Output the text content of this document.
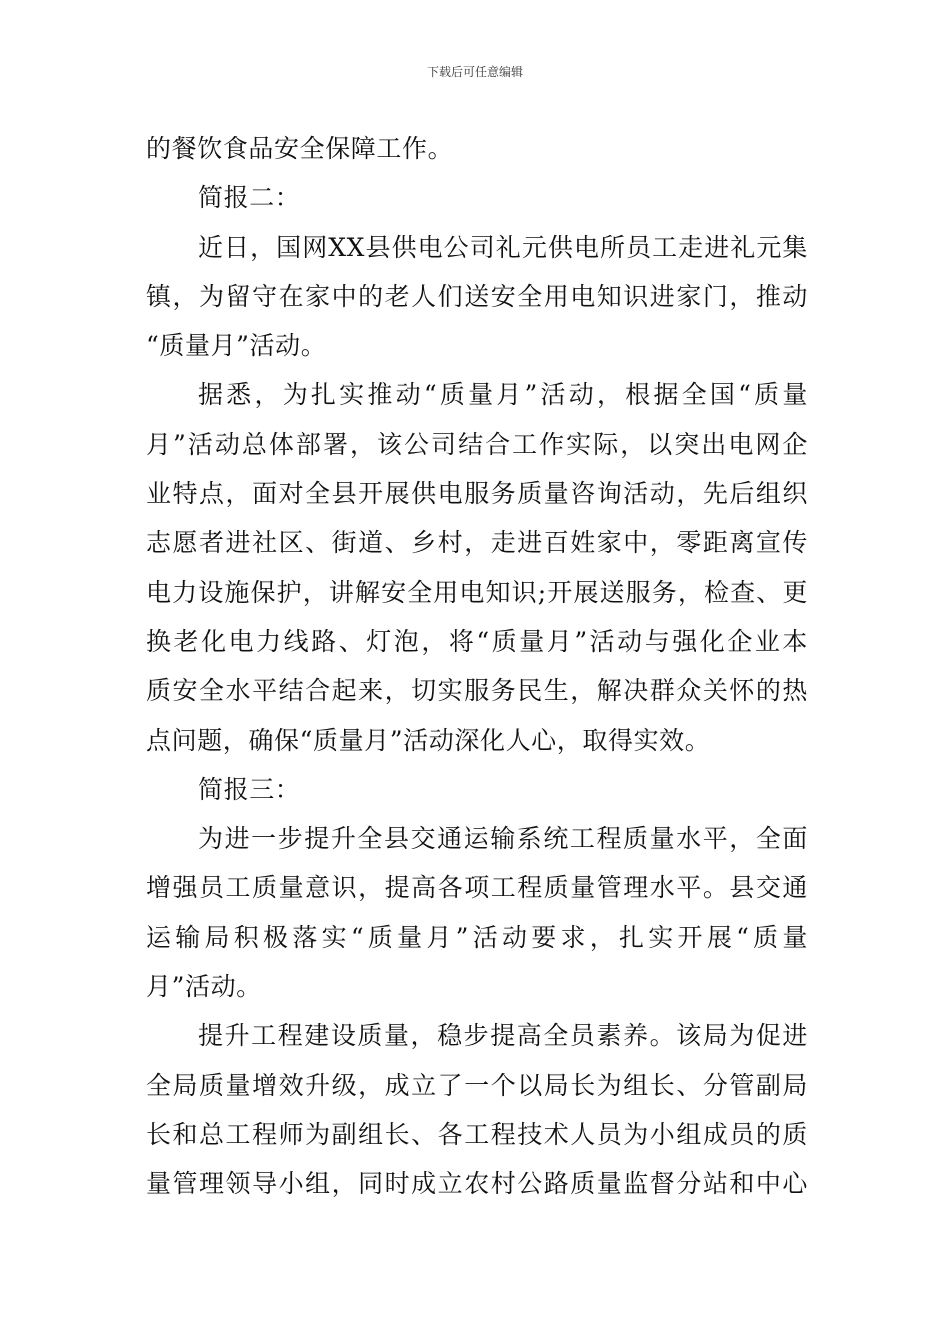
下载后可任意编辑
的餐饮食品安全保障工作。
简报二：
近日，国网XX县供电公司礼元供电所员工走进礼元集
镇，为留守在家中的老人们送安全用电知识进家门，推动
“质量月”活动。
据悉，为扎实推动“质量月”活动，根据全国“质量
月”活动总体部署，该公司结合工作实际，以突出电网企
业特点，面对全县开展供电服务质量咨询活动，先后组织
志愿者进社区、街道、乡村，走进百姓家中，零距离宣传
电力设施保护，讲解安全用电知识;开展送服务，检查、更
换老化电力线路、灯泡，将“质量月”活动与强化企业本
质安全水平结合起来，切实服务民生，解决群众关怀的热
点问题，确保“质量月”活动深化人心，取得实效。
简报三：
为进一步提升全县交通运输系统工程质量水平，全面
增强员工质量意识，提高各项工程质量管理水平。县交通
运输局积极落实“质量月”活动要求，扎实开展“质量
月”活动。
提升工程建设质量，稳步提高全员素养。该局为促进
全局质量增效升级，成立了一个以局长为组长、分管副局
长和总工程师为副组长、各工程技术人员为小组成员的质
量管理领导小组，同时成立农村公路质量监督分站和中心
